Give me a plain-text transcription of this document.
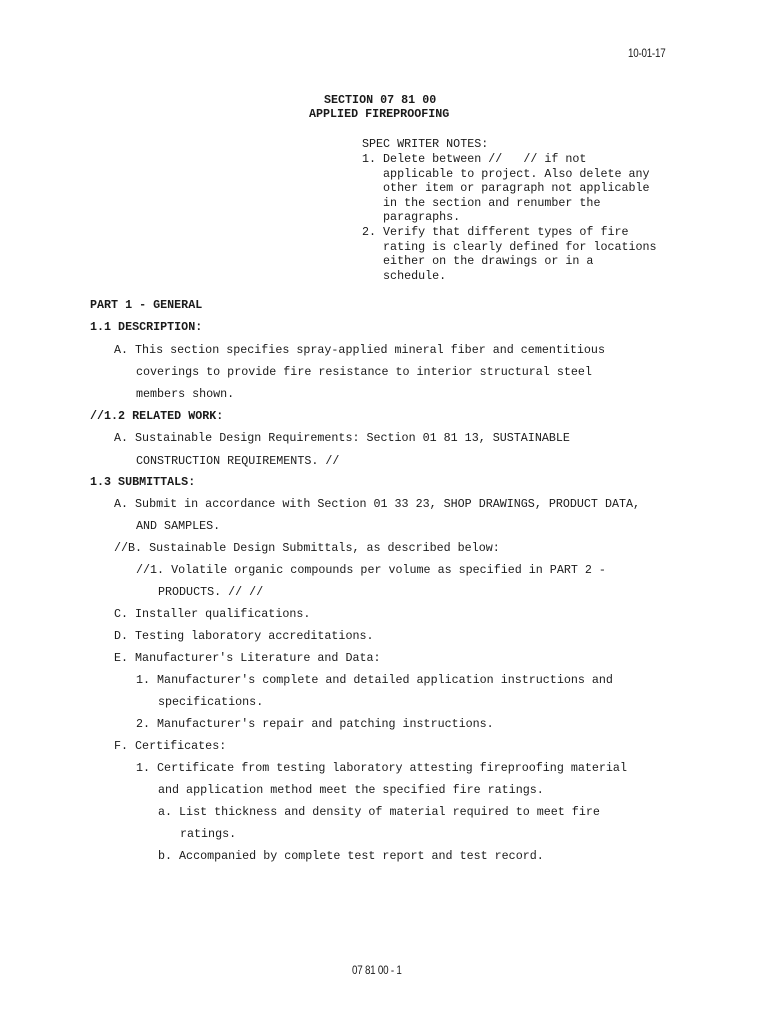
10-01-17
SECTION 07 81 00
APPLIED FIREPROOFING

SPEC WRITER NOTES:

1. Delete between //   // if not

applicable to project. Also delete any

other item or paragraph not applicable

in the section and renumber the

paragraphs.

2. Verify that different types of fire

rating is clearly defined for locations

either on the drawings or in a

schedule.

PART 1 - GENERAL
1.1 DESCRIPTION:
A. This section specifies spray-applied mineral fiber and cementitious
coverings to provide fire resistance to interior structural steel
members shown.
//1.2 RELATED WORK:
A. Sustainable Design Requirements: Section 01 81 13, SUSTAINABLE
CONSTRUCTION REQUIREMENTS. //
1.3 SUBMITTALS:
A. Submit in accordance with Section 01 33 23, SHOP DRAWINGS, PRODUCT DATA,
AND SAMPLES.
//B. Sustainable Design Submittals, as described below:
//1. Volatile organic compounds per volume as specified in PART 2 -
PRODUCTS. // //
C. Installer qualifications.
D. Testing laboratory accreditations.
E. Manufacturer's Literature and Data:
1. Manufacturer's complete and detailed application instructions and
specifications.
2. Manufacturer's repair and patching instructions.
F. Certificates:
1. Certificate from testing laboratory attesting fireproofing material
and application method meet the specified fire ratings.
a. List thickness and density of material required to meet fire
ratings.
b. Accompanied by complete test report and test record.
07 81 00 - 1
